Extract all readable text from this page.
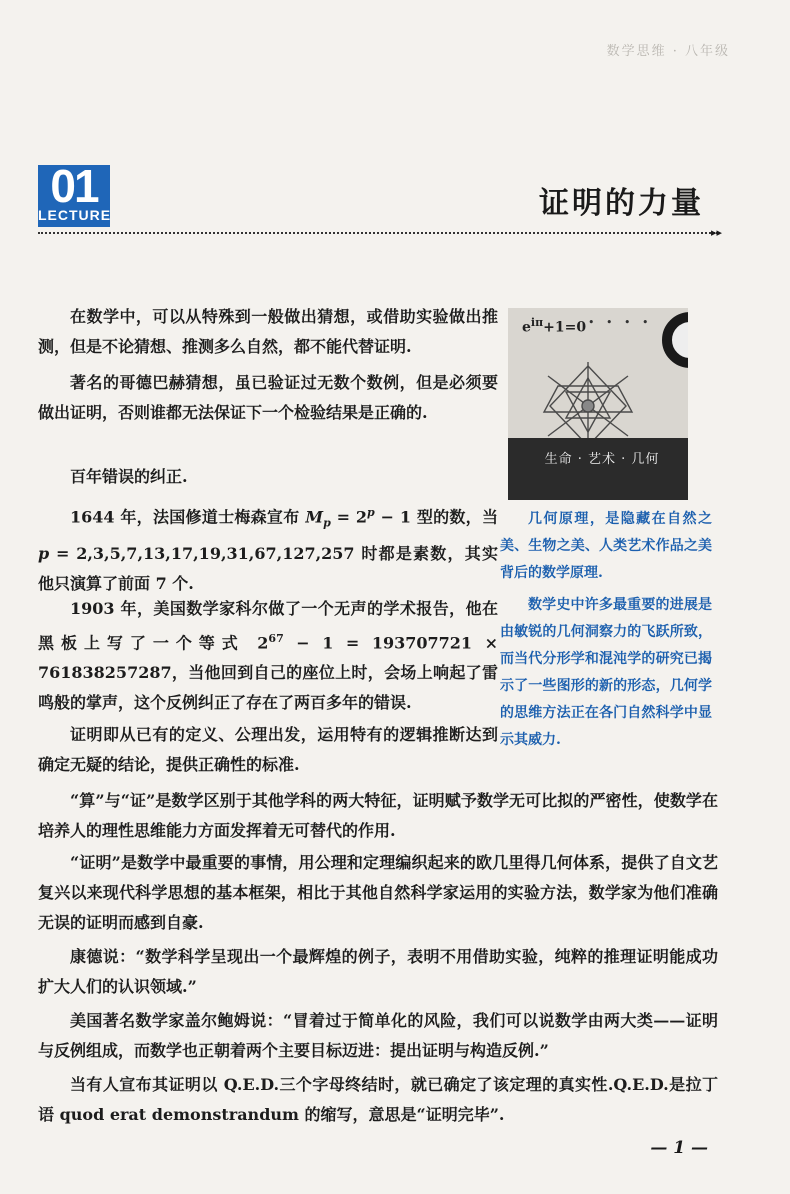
数学思维 · 八年级
01
LECTURE	证明的力量
▸▸
在数学中，可以从特殊到一般做出猜想，或借助实验做出推测，但是不论猜想、推测多么自然，都不能代替证明.
著名的哥德巴赫猜想，虽已验证过无数个数例，但是必须要做出证明，否则谁都无法保证下一个检验结果是正确的.
百年错误的纠正.
1644 年，法国修道士梅森宣布 $M_p = 2^p - 1$ 型的数，当 p = 2,3,5,7,13,17,19,31,67,127,257 时都是素数，其实他只演算了前面 7 个.
1903 年，美国数学家科尔做了一个无声的学术报告，他在黑板上写了一个等式 $2^{67} - 1 = 193707721 \times 761838257287$，当他回到自己的座位上时，会场上响起了雷鸣般的掌声，这个反例纠正了存在了两百多年的错误.
证明即从已有的定义、公理出发，运用特有的逻辑推断达到确定无疑的结论，提供正确性的标准.
$e^{i\pi}+1=0$ • • • •
生命 · 艺术 · 几何
几何原理，是隐藏在自然之美、生物之美、人类艺术作品之美背后的数学原理.
数学史中许多最重要的进展是由敏锐的几何洞察力的飞跃所致，而当代分形学和混沌学的研究已揭示了一些图形的新的形态，几何学的思维方法正在各门自然科学中显示其威力.
“算”与“证”是数学区别于其他学科的两大特征，证明赋予数学无可比拟的严密性，使数学在培养人的理性思维能力方面发挥着无可替代的作用.
“证明”是数学中最重要的事情，用公理和定理编织起来的欧几里得几何体系，提供了自文艺复兴以来现代科学思想的基本框架，相比于其他自然科学家运用的实验方法，数学家为他们准确无误的证明而感到自豪.
康德说：“数学科学呈现出一个最辉煌的例子，表明不用借助实验，纯粹的推理证明能成功扩大人们的认识领域.”
美国著名数学家盖尔鲍姆说：“冒着过于简单化的风险，我们可以说数学由两大类——证明与反例组成，而数学也正朝着两个主要目标迈进：提出证明与构造反例.”
当有人宣布其证明以 Q.E.D.三个字母终结时，就已确定了该定理的真实性.Q.E.D.是拉丁语 quod erat demonstrandum 的缩写，意思是“证明完毕”.
— 1 —
